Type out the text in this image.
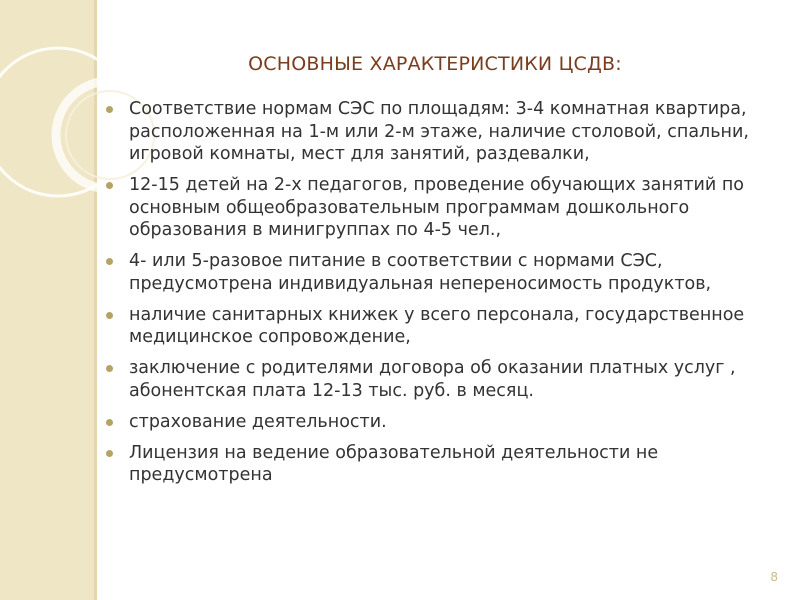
ОСНОВНЫЕ ХАРАКТЕРИСТИКИ ЦСДВ:
Соответствие нормам СЭС по площадям: 3-4 комнатная квартира, расположенная на 1-м или 2-м этаже, наличие столовой, спальни, игровой комнаты, мест для занятий, раздевалки,
12-15 детей на 2-х педагогов, проведение обучающих занятий по основным общеобразовательным программам дошкольного образования в минигруппах по 4-5 чел.,
4- или 5-разовое питание в соответствии с нормами СЭС, предусмотрена индивидуальная непереносимость продуктов,
наличие санитарных книжек у всего персонала, государственное медицинское сопровождение,
заключение с родителями договора об оказании платных услуг , абонентская плата 12-13 тыс. руб. в месяц.
страхование деятельности.
Лицензия на ведение образовательной деятельности не предусмотрена
8
